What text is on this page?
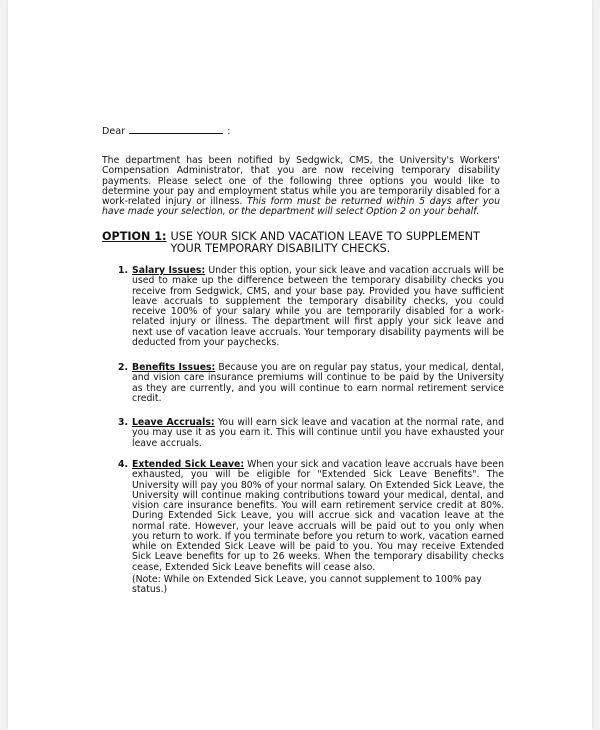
Dear	:
The department has been notified by Sedgwick, CMS, the University's Workers' Compensation Administrator, that you are now receiving temporary disability payments. Please select one of the following three options you would like to determine your pay and employment status while you are temporarily disabled for a work-related injury or illness. This form must be returned within 5 days after you have made your selection, or the department will select Option 2 on your behalf.
OPTION 1: USE YOUR SICK AND VACATION LEAVE TO SUPPLEMENT YOUR TEMPORARY DISABILITY CHECKS.
1. Salary Issues: Under this option, your sick leave and vacation accruals will be used to make up the difference between the temporary disability checks you receive from Sedgwick, CMS, and your base pay. Provided you have sufficient leave accruals to supplement the temporary disability checks, you could receive 100% of your salary while you are temporarily disabled for a work-related injury or illness. The department will first apply your sick leave and next use of vacation leave accruals. Your temporary disability payments will be deducted from your paychecks.
2. Benefits Issues: Because you are on regular pay status, your medical, dental, and vision care insurance premiums will continue to be paid by the University as they are currently, and you will continue to earn normal retirement service credit.
3. Leave Accruals: You will earn sick leave and vacation at the normal rate, and you may use it as you earn it. This will continue until you have exhausted your leave accruals.
4. Extended Sick Leave: When your sick and vacation leave accruals have been exhausted, you will be eligible for "Extended Sick Leave Benefits". The University will pay you 80% of your normal salary. On Extended Sick Leave, the University will continue making contributions toward your medical, dental, and vision care insurance benefits. You will earn retirement service credit at 80%. During Extended Sick Leave, you will accrue sick and vacation leave at the normal rate. However, your leave accruals will be paid out to you only when you return to work. If you terminate before you return to work, vacation earned while on Extended Sick Leave will be paid to you. You may receive Extended Sick Leave benefits for up to 26 weeks. When the temporary disability checks cease, Extended Sick Leave benefits will cease also.
(Note: While on Extended Sick Leave, you cannot supplement to 100% pay status.)
